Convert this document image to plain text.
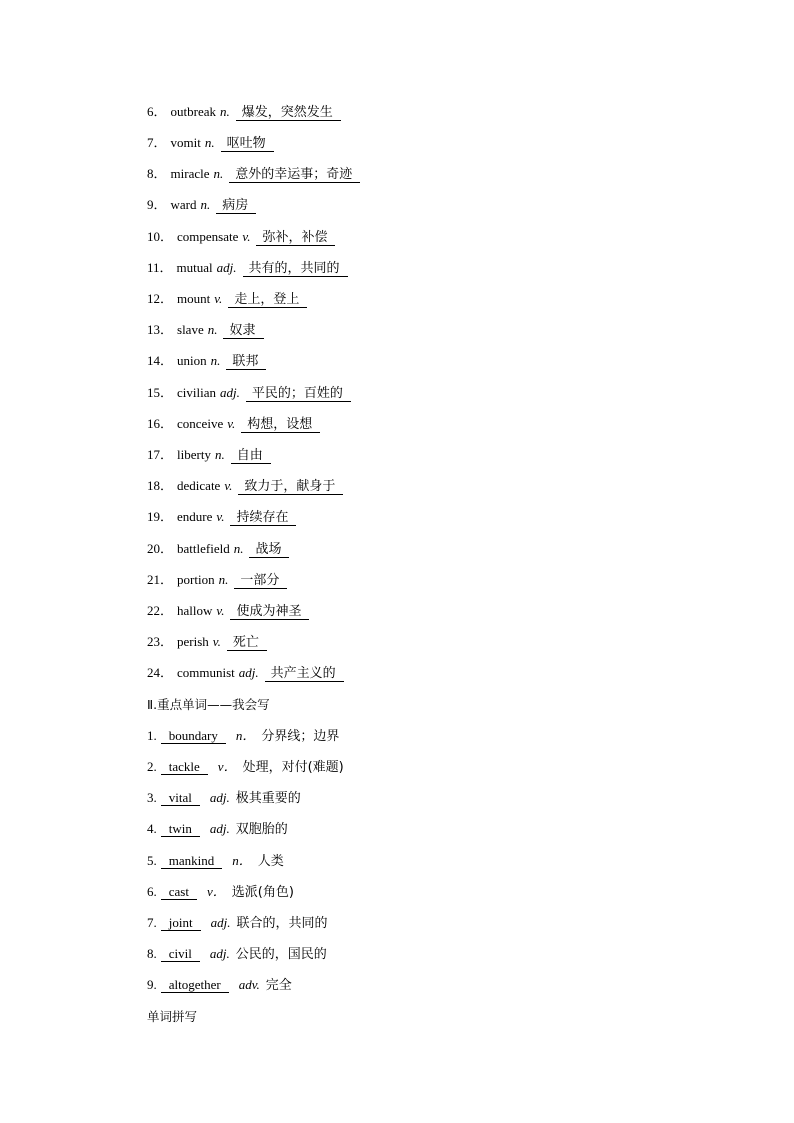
6． outbreak n. 爆发，突然发生
7． vomit n. 呕吐物
8． miracle n. 意外的幸运事；奇迹
9． ward n. 病房
10． compensate v. 弥补，补偿
11． mutual adj. 共有的，共同的
12． mount v. 走上，登上
13． slave n. 奴隶
14． union n. 联邦
15． civilian adj. 平民的；百姓的
16． conceive v. 构想，设想
17． liberty n. 自由
18． dedicate v. 致力于，献身于
19． endure v. 持续存在
20． battlefield n. 战场
21． portion n. 一部分
22． hallow v. 使成为神圣
23． perish v. 死亡
24． communist adj. 共产主义的
Ⅱ.重点单词——我会写
1. boundary n． 分界线；边界
2. tackle v． 处理，对付(难题)
3. vital adj. 极其重要的
4. twin adj. 双胞胎的
5. mankind n． 人类
6. cast v． 选派(角色)
7. joint adj. 联合的，共同的
8. civil adj. 公民的，国民的
9. altogether adv. 完全
单词拼写
